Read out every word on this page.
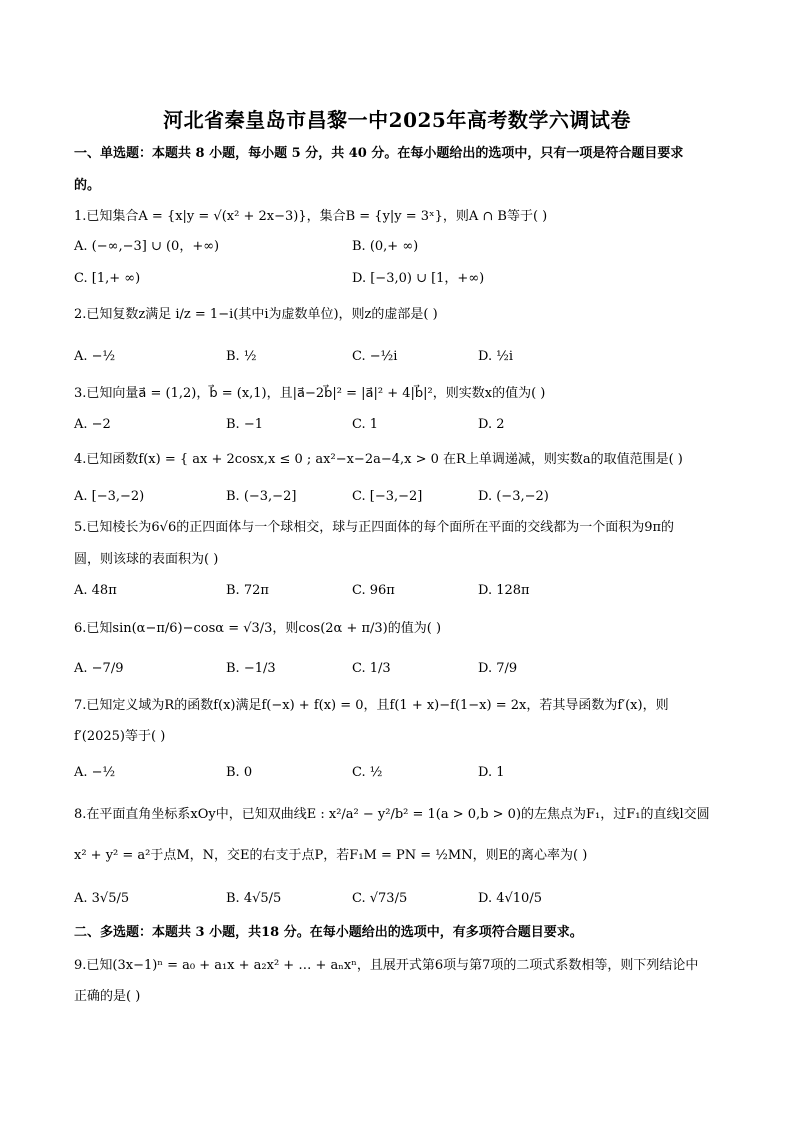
河北省秦皇岛市昌黎一中2025年高考数学六调试卷
一、单选题：本题共 8 小题，每小题 5 分，共 40 分。在每小题给出的选项中，只有一项是符合题目要求
的。
1.已知集合A = {x|y = √(x² + 2x−3)}，集合B = {y|y = 3ˣ}，则A ∩ B等于( )
A. (−∞,−3] ∪ (0，+∞)	B. (0,+ ∞)
C. [1,+ ∞)	D. [−3,0) ∪ [1，+∞)
2.已知复数z满足 i/z = 1−i(其中i为虚数单位)，则z的虚部是( )
A. −½	B. ½	C. −½i	D. ½i
3.已知向量a⃗ = (1,2)，b⃗ = (x,1)，且|a⃗−2b⃗|² = |a⃗|² + 4|b⃗|²，则实数x的值为( )
A. −2	B. −1	C. 1	D. 2
4.已知函数f(x) = { ax + 2cosx,x ≤ 0 ; ax²−x−2a−4,x > 0 在R上单调递减，则实数a的取值范围是( )
A. [−3,−2)	B. (−3,−2]	C. [−3,−2]	D. (−3,−2)
5.已知棱长为6√6的正四面体与一个球相交，球与正四面体的每个面所在平面的交线都为一个面积为9π的
圆，则该球的表面积为( )
A. 48π	B. 72π	C. 96π	D. 128π
6.已知sin(α−π/6)−cosα = √3/3，则cos(2α + π/3)的值为( )
A. −7/9	B. −1/3	C. 1/3	D. 7/9
7.已知定义域为R的函数f(x)满足f(−x) + f(x) = 0，且f(1 + x)−f(1−x) = 2x，若其导函数为f′(x)，则
f′(2025)等于( )
A. −½	B. 0	C. ½	D. 1
8.在平面直角坐标系xOy中，已知双曲线E : x²/a² − y²/b² = 1(a > 0,b > 0)的左焦点为F₁，过F₁的直线l交圆
x² + y² = a²于点M，N，交E的右支于点P，若F₁M = PN = ½MN，则E的离心率为( )
A. 3√5/5	B. 4√5/5	C. √73/5	D. 4√10/5
二、多选题：本题共 3 小题，共18 分。在每小题给出的选项中，有多项符合题目要求。
9.已知(3x−1)ⁿ = a₀ + a₁x + a₂x² + … + aₙxⁿ，且展开式第6项与第7项的二项式系数相等，则下列结论中
正确的是( )
